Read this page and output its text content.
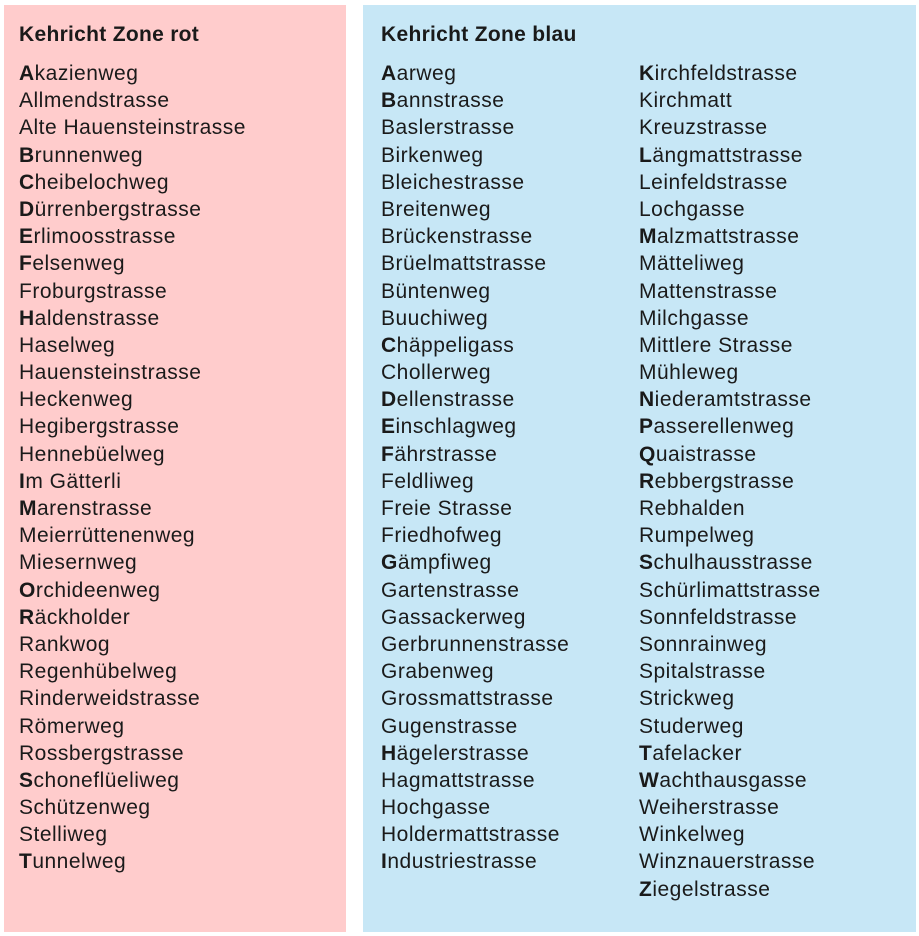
Kehricht Zone rot
Akazienweg
Allmendstrasse
Alte Hauensteinstrasse
Brunnenweg
Cheibelochweg
Dürrenbergstrasse
Erlimoosstrasse
Felsenweg
Froburgstrasse
Haldenstrasse
Haselweg
Hauensteinstrasse
Heckenweg
Hegibergstrasse
Hennebüelweg
Im Gätterli
Marenstrasse
Meierrüttenenweg
Miesernweg
Orchideenweg
Räckholder
Rankwog
Regenhübelweg
Rinderweidstrasse
Römerweg
Rossbergstrasse
Schoneflüeliweg
Schützenweg
Stelliweg
Tunnelweg
Kehricht Zone blau
Aarweg
Bannstrasse
Baslerstrasse
Birkenweg
Bleichestrasse
Breitenweg
Brückenstrasse
Brüelmattstrasse
Büntenweg
Buuchiweg
Chäppeligass
Chollerweg
Dellenstrasse
Einschlagweg
Fährstrasse
Feldliweg
Freie Strasse
Friedhofweg
Gämpfiweg
Gartenstrasse
Gassackerweg
Gerbrunnenstrasse
Grabenweg
Grossmattstrasse
Gugenstrasse
Hägelerstrasse
Hagmattstrasse
Hochgasse
Holdermattstrasse
Industriestrasse
Kirchfeldstrasse
Kirchmatt
Kreuzstrasse
Längmattstrasse
Leinfeldstrasse
Lochgasse
Malzmattstrasse
Mätteliweg
Mattenstrasse
Milchgasse
Mittlere Strasse
Mühleweg
Niederamtstrasse
Passerellenweg
Quaistrasse
Rebbergstrasse
Rebhalden
Rumpelweg
Schulhausstrasse
Schürlimattstrasse
Sonnfeldstrasse
Sonnrainweg
Spitalstrasse
Strickweg
Studerweg
Tafelacker
Wachthausgasse
Weiherstrasse
Winkelweg
Winznauerstrasse
Ziegelstrasse
